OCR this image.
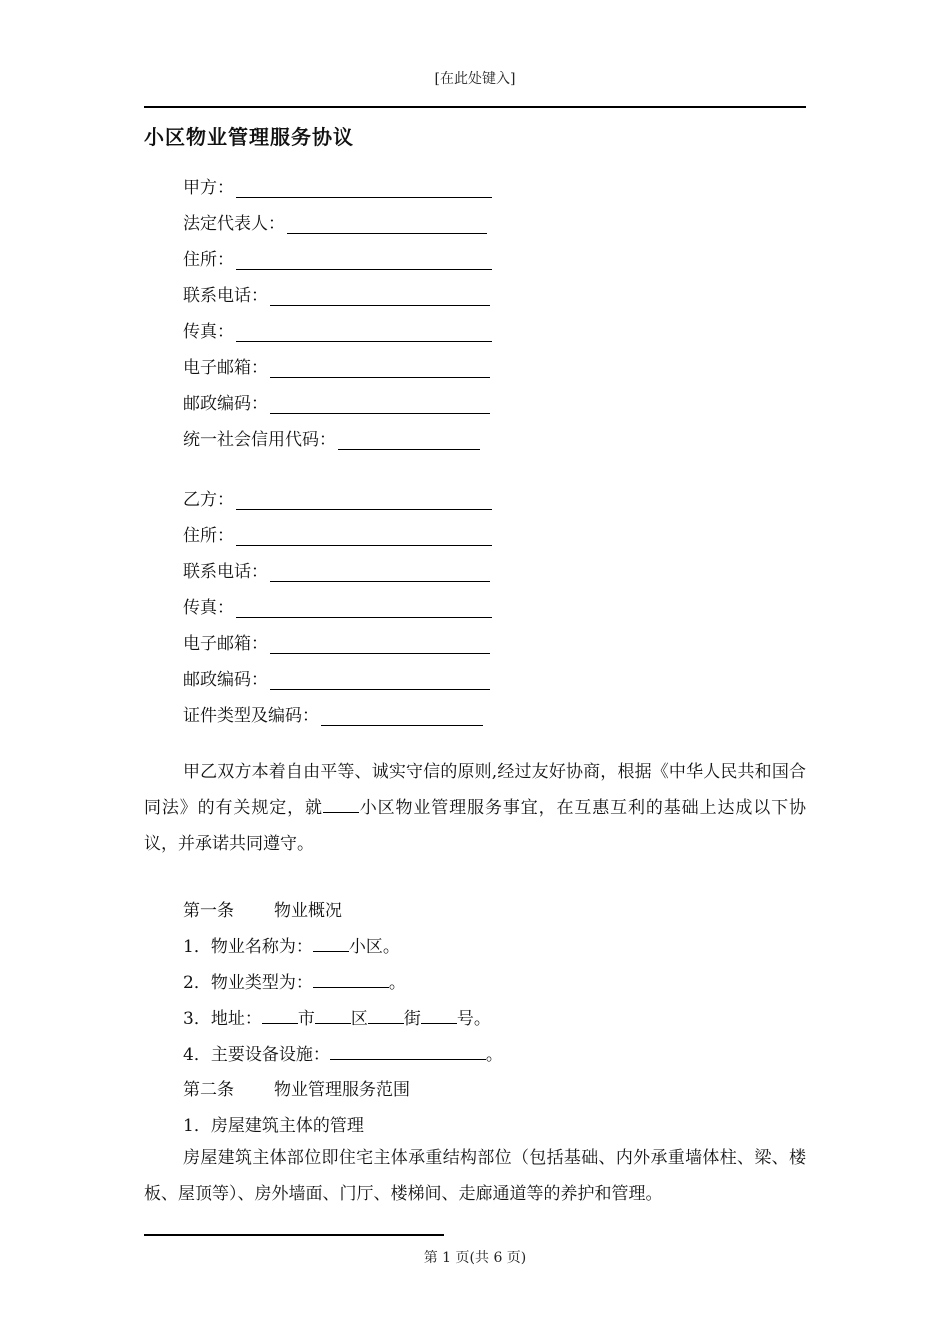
[在此处键入]
小区物业管理服务协议
甲方：
法定代表人：
住所：
联系电话：
传真：
电子邮箱：
邮政编码：
统一社会信用代码：
乙方：
住所：
联系电话：
传真：
电子邮箱：
邮政编码：
证件类型及编码：
甲乙双方本着自由平等、诚实守信的原则,经过友好协商，根据《中华人民共和国合同法》的有关规定，就 小区物业管理服务事宜，在互惠互利的基础上达成以下协议，并承诺共同遵守。
第一条 物业概况
1．物业名称为： 小区。
2．物业类型为：	。
3．地址： 市 区 街 号。
4．主要设备设施：	。
第二条 物业管理服务范围
1．房屋建筑主体的管理
房屋建筑主体部位即住宅主体承重结构部位（包括基础、内外承重墙体柱、梁、楼板、屋顶等）、房外墙面、门厅、楼梯间、走廊通道等的养护和管理。
第 1 页(共 6 页)
